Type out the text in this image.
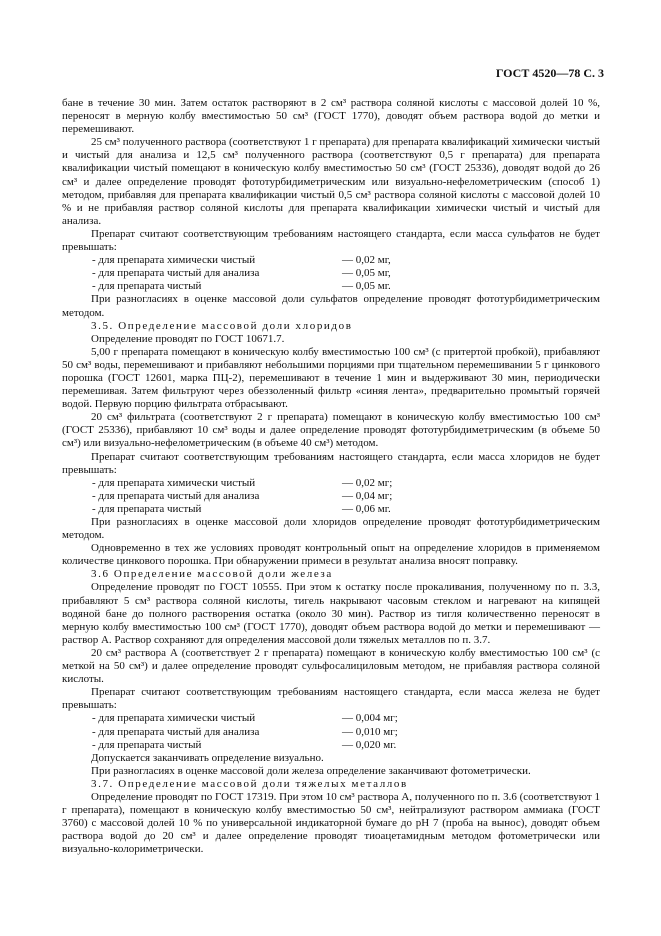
ГОСТ 4520—78 С. 3

бане в течение 30 мин. Затем остаток растворяют в 2 см³ раствора соляной кислоты с массовой долей 10 %, переносят в мерную колбу вместимостью 50 см³ (ГОСТ 1770), доводят объем раствора водой до метки и перемешивают.

25 см³ полученного раствора (соответствуют 1 г препарата) для препарата квалификаций химически чистый и чистый для анализа и 12,5 см³ полученного раствора (соответствуют 0,5 г препарата) для препарата квалификации чистый помещают в коническую колбу вместимостью 50 см³ (ГОСТ 25336), доводят водой до 26 см³ и далее определение проводят фототурбидиметрическим или визуально-нефелометрическим (способ 1) методом, прибавляя для препарата квалификации чистый 0,5 см³ раствора соляной кислоты с массовой долей 10 % и не прибавляя раствор соляной кислоты для препарата квалификации химически чистый и чистый для анализа.

Препарат считают соответствующим требованиям настоящего стандарта, если масса сульфатов не будет превышать:

- для препарата химически чистый	— 0,02 мг,
- для препарата чистый для анализа	— 0,05 мг,
- для препарата чистый	— 0,05 мг.

При разногласиях в оценке массовой доли сульфатов определение проводят фототурбидиметрическим методом.

3.5. Определение массовой доли хлоридов

Определение проводят по ГОСТ 10671.7.

5,00 г препарата помещают в коническую колбу вместимостью 100 см³ (с притертой пробкой), прибавляют 50 см³ воды, перемешивают и прибавляют небольшими порциями при тщательном перемешивании 5 г цинкового порошка (ГОСТ 12601, марка ПЦ-2), перемешивают в течение 1 мин и выдерживают 30 мин, периодически перемешивая. Затем фильтруют через обеззоленный фильтр «синяя лента», предварительно промытый горячей водой. Первую порцию фильтрата отбрасывают.

20 см³ фильтрата (соответствуют 2 г препарата) помещают в коническую колбу вместимостью 100 см³ (ГОСТ 25336), прибавляют 10 см³ воды и далее определение проводят фототурбидиметрическим (в объеме 50 см³) или визуально-нефелометрическим (в объеме 40 см³) методом.

Препарат считают соответствующим требованиям настоящего стандарта, если масса хлоридов не будет превышать:

- для препарата химически чистый	— 0,02 мг;
- для препарата чистый для анализа	— 0,04 мг;
- для препарата чистый	— 0,06 мг.

При разногласиях в оценке массовой доли хлоридов определение проводят фототурбидиметрическим методом.

Одновременно в тех же условиях проводят контрольный опыт на определение хлоридов в применяемом количестве цинкового порошка. При обнаружении примеси в результат анализа вносят поправку.

3.6 Определение массовой доли железа

Определение проводят по ГОСТ 10555. При этом к остатку после прокаливания, полученному по п. 3.3, прибавляют 5 см³ раствора соляной кислоты, тигель накрывают часовым стеклом и нагревают на кипящей водяной бане до полного растворения остатка (около 30 мин). Раствор из тигля количественно переносят в мерную колбу вместимостью 100 см³ (ГОСТ 1770), доводят объем раствора водой до метки и перемешивают — раствор А. Раствор сохраняют для определения массовой доли тяжелых металлов по п. 3.7.

20 см³ раствора А (соответствует 2 г препарата) помещают в коническую колбу вместимостью 100 см³ (с меткой на 50 см³) и далее определение проводят сульфосалициловым методом, не прибавляя раствора соляной кислоты.

Препарат считают соответствующим требованиям настоящего стандарта, если масса железа не будет превышать:

- для препарата химически чистый	— 0,004 мг;
- для препарата чистый для анализа	— 0,010 мг;
- для препарата чистый	— 0,020 мг.

Допускается заканчивать определение визуально.

При разногласиях в оценке массовой доли железа определение заканчивают фотометрически.

3.7. Определение массовой доли тяжелых металлов

Определение проводят по ГОСТ 17319. При этом 10 см³ раствора А, полученного по п. 3.6 (соответствуют 1 г препарата), помещают в коническую колбу вместимостью 50 см³, нейтрализуют раствором аммиака (ГОСТ 3760) с массовой долей 10 % по универсальной индикаторной бумаге до pH 7 (проба на вынос), доводят объем раствора водой до 20 см³ и далее определение проводят тиоацетамидным методом фотометрически или визуально-колориметрически.
